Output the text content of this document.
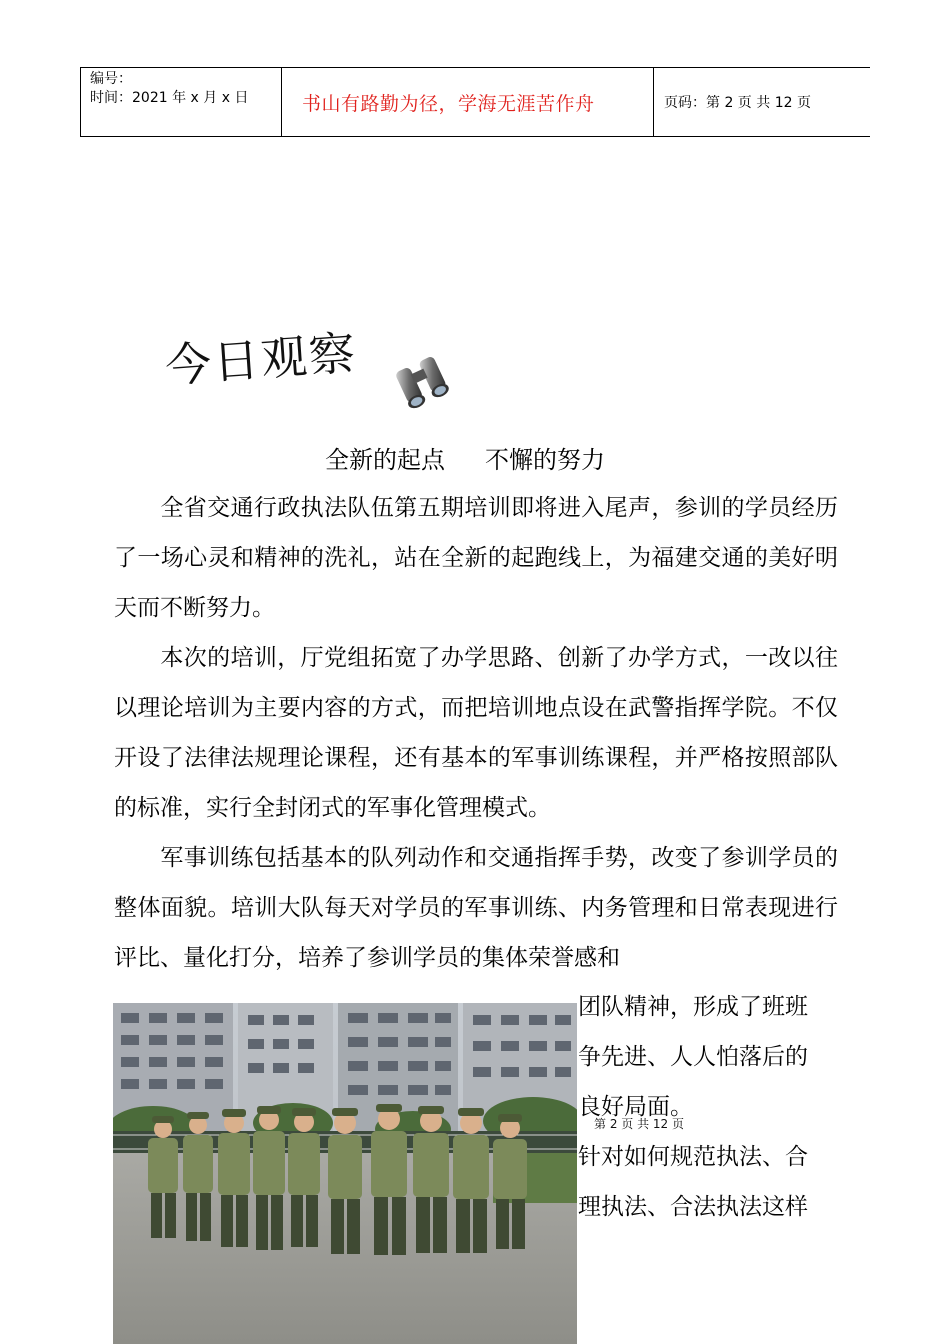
编号：
时间：2021 年 x 月 x 日	书山有路勤为径，学海无涯苦作舟	页码：第 2 页 共 12 页
今日观察
全新的起点 不懈的努力
全省交通行政执法队伍第五期培训即将进入尾声，参训的学员经历了一场心灵和精神的洗礼，站在全新的起跑线上，为福建交通的美好明天而不断努力。
本次的培训，厅党组拓宽了办学思路、创新了办学方式，一改以往以理论培训为主要内容的方式，而把培训地点设在武警指挥学院。不仅开设了法律法规理论课程，还有基本的军事训练课程，并严格按照部队的标准，实行全封闭式的军事化管理模式。
军事训练包括基本的队列动作和交通指挥手势，改变了参训学员的整体面貌。培训大队每天对学员的军事训练、内务管理和日常表现进行评比、量化打分，培养了参训学员的集体荣誉感和
团队精神，形成了班班
争先进、人人怕落后的
良好局面。
针对如何规范执法、合
理执法、合法执法这样
第 2 页 共 12 页
